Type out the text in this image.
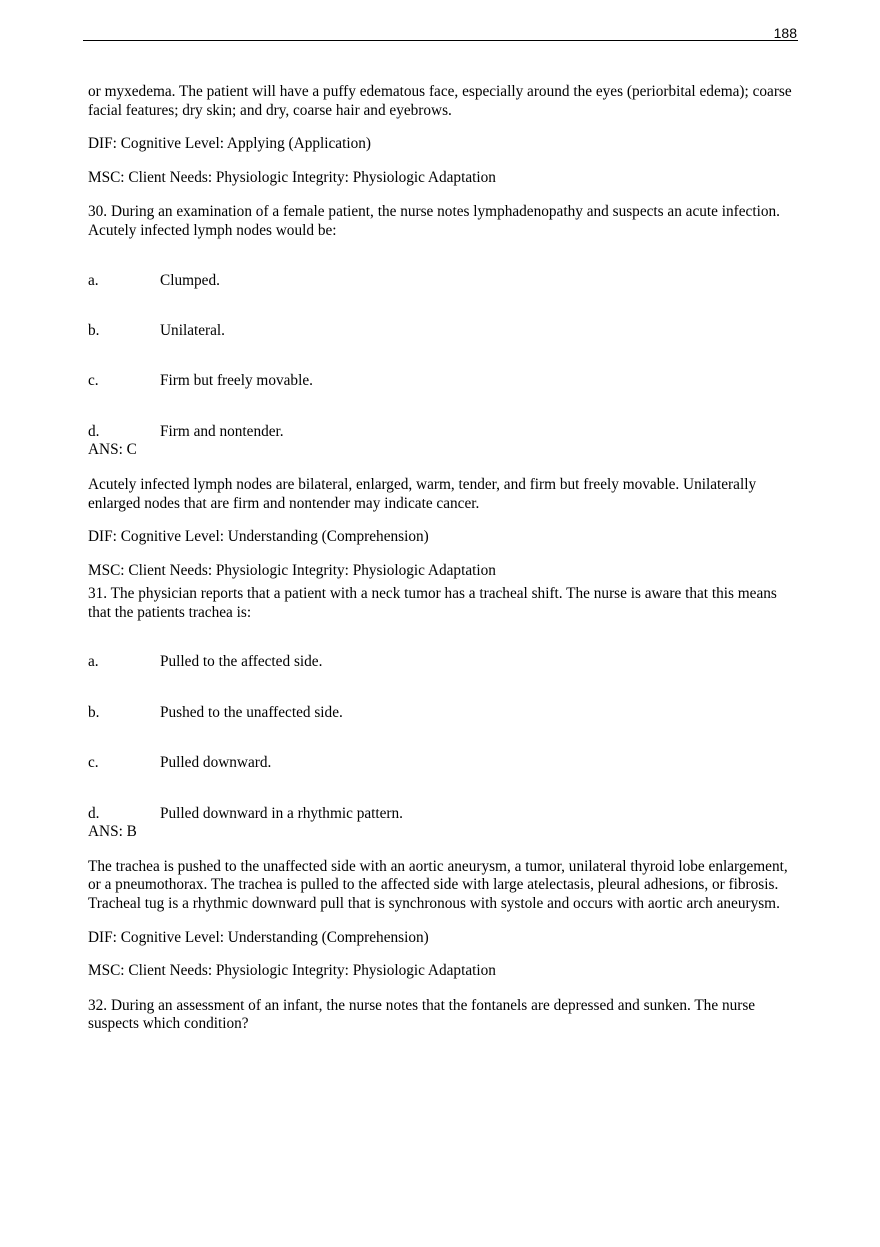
188

or myxedema. The patient will have a puffy edematous face, especially around the eyes (periorbital edema); coarse facial features; dry skin; and dry, coarse hair and eyebrows.

DIF: Cognitive Level: Applying (Application)

MSC: Client Needs: Physiologic Integrity: Physiologic Adaptation

30. During an examination of a female patient, the nurse notes lymphadenopathy and suspects an acute infection. Acutely infected lymph nodes would be:

a.	Clumped.
b.	Unilateral.
c.	Firm but freely movable.
d.	Firm and nontender.

ANS: C

Acutely infected lymph nodes are bilateral, enlarged, warm, tender, and firm but freely movable. Unilaterally enlarged nodes that are firm and nontender may indicate cancer.

DIF: Cognitive Level: Understanding (Comprehension)

MSC: Client Needs: Physiologic Integrity: Physiologic Adaptation

31. The physician reports that a patient with a neck tumor has a tracheal shift. The nurse is aware that this means that the patients trachea is:

a.	Pulled to the affected side.
b.	Pushed to the unaffected side.
c.	Pulled downward.
d.	Pulled downward in a rhythmic pattern.

ANS: B

The trachea is pushed to the unaffected side with an aortic aneurysm, a tumor, unilateral thyroid lobe enlargement, or a pneumothorax. The trachea is pulled to the affected side with large atelectasis, pleural adhesions, or fibrosis. Tracheal tug is a rhythmic downward pull that is synchronous with systole and occurs with aortic arch aneurysm.

DIF: Cognitive Level: Understanding (Comprehension)

MSC: Client Needs: Physiologic Integrity: Physiologic Adaptation

32. During an assessment of an infant, the nurse notes that the fontanels are depressed and sunken. The nurse suspects which condition?
